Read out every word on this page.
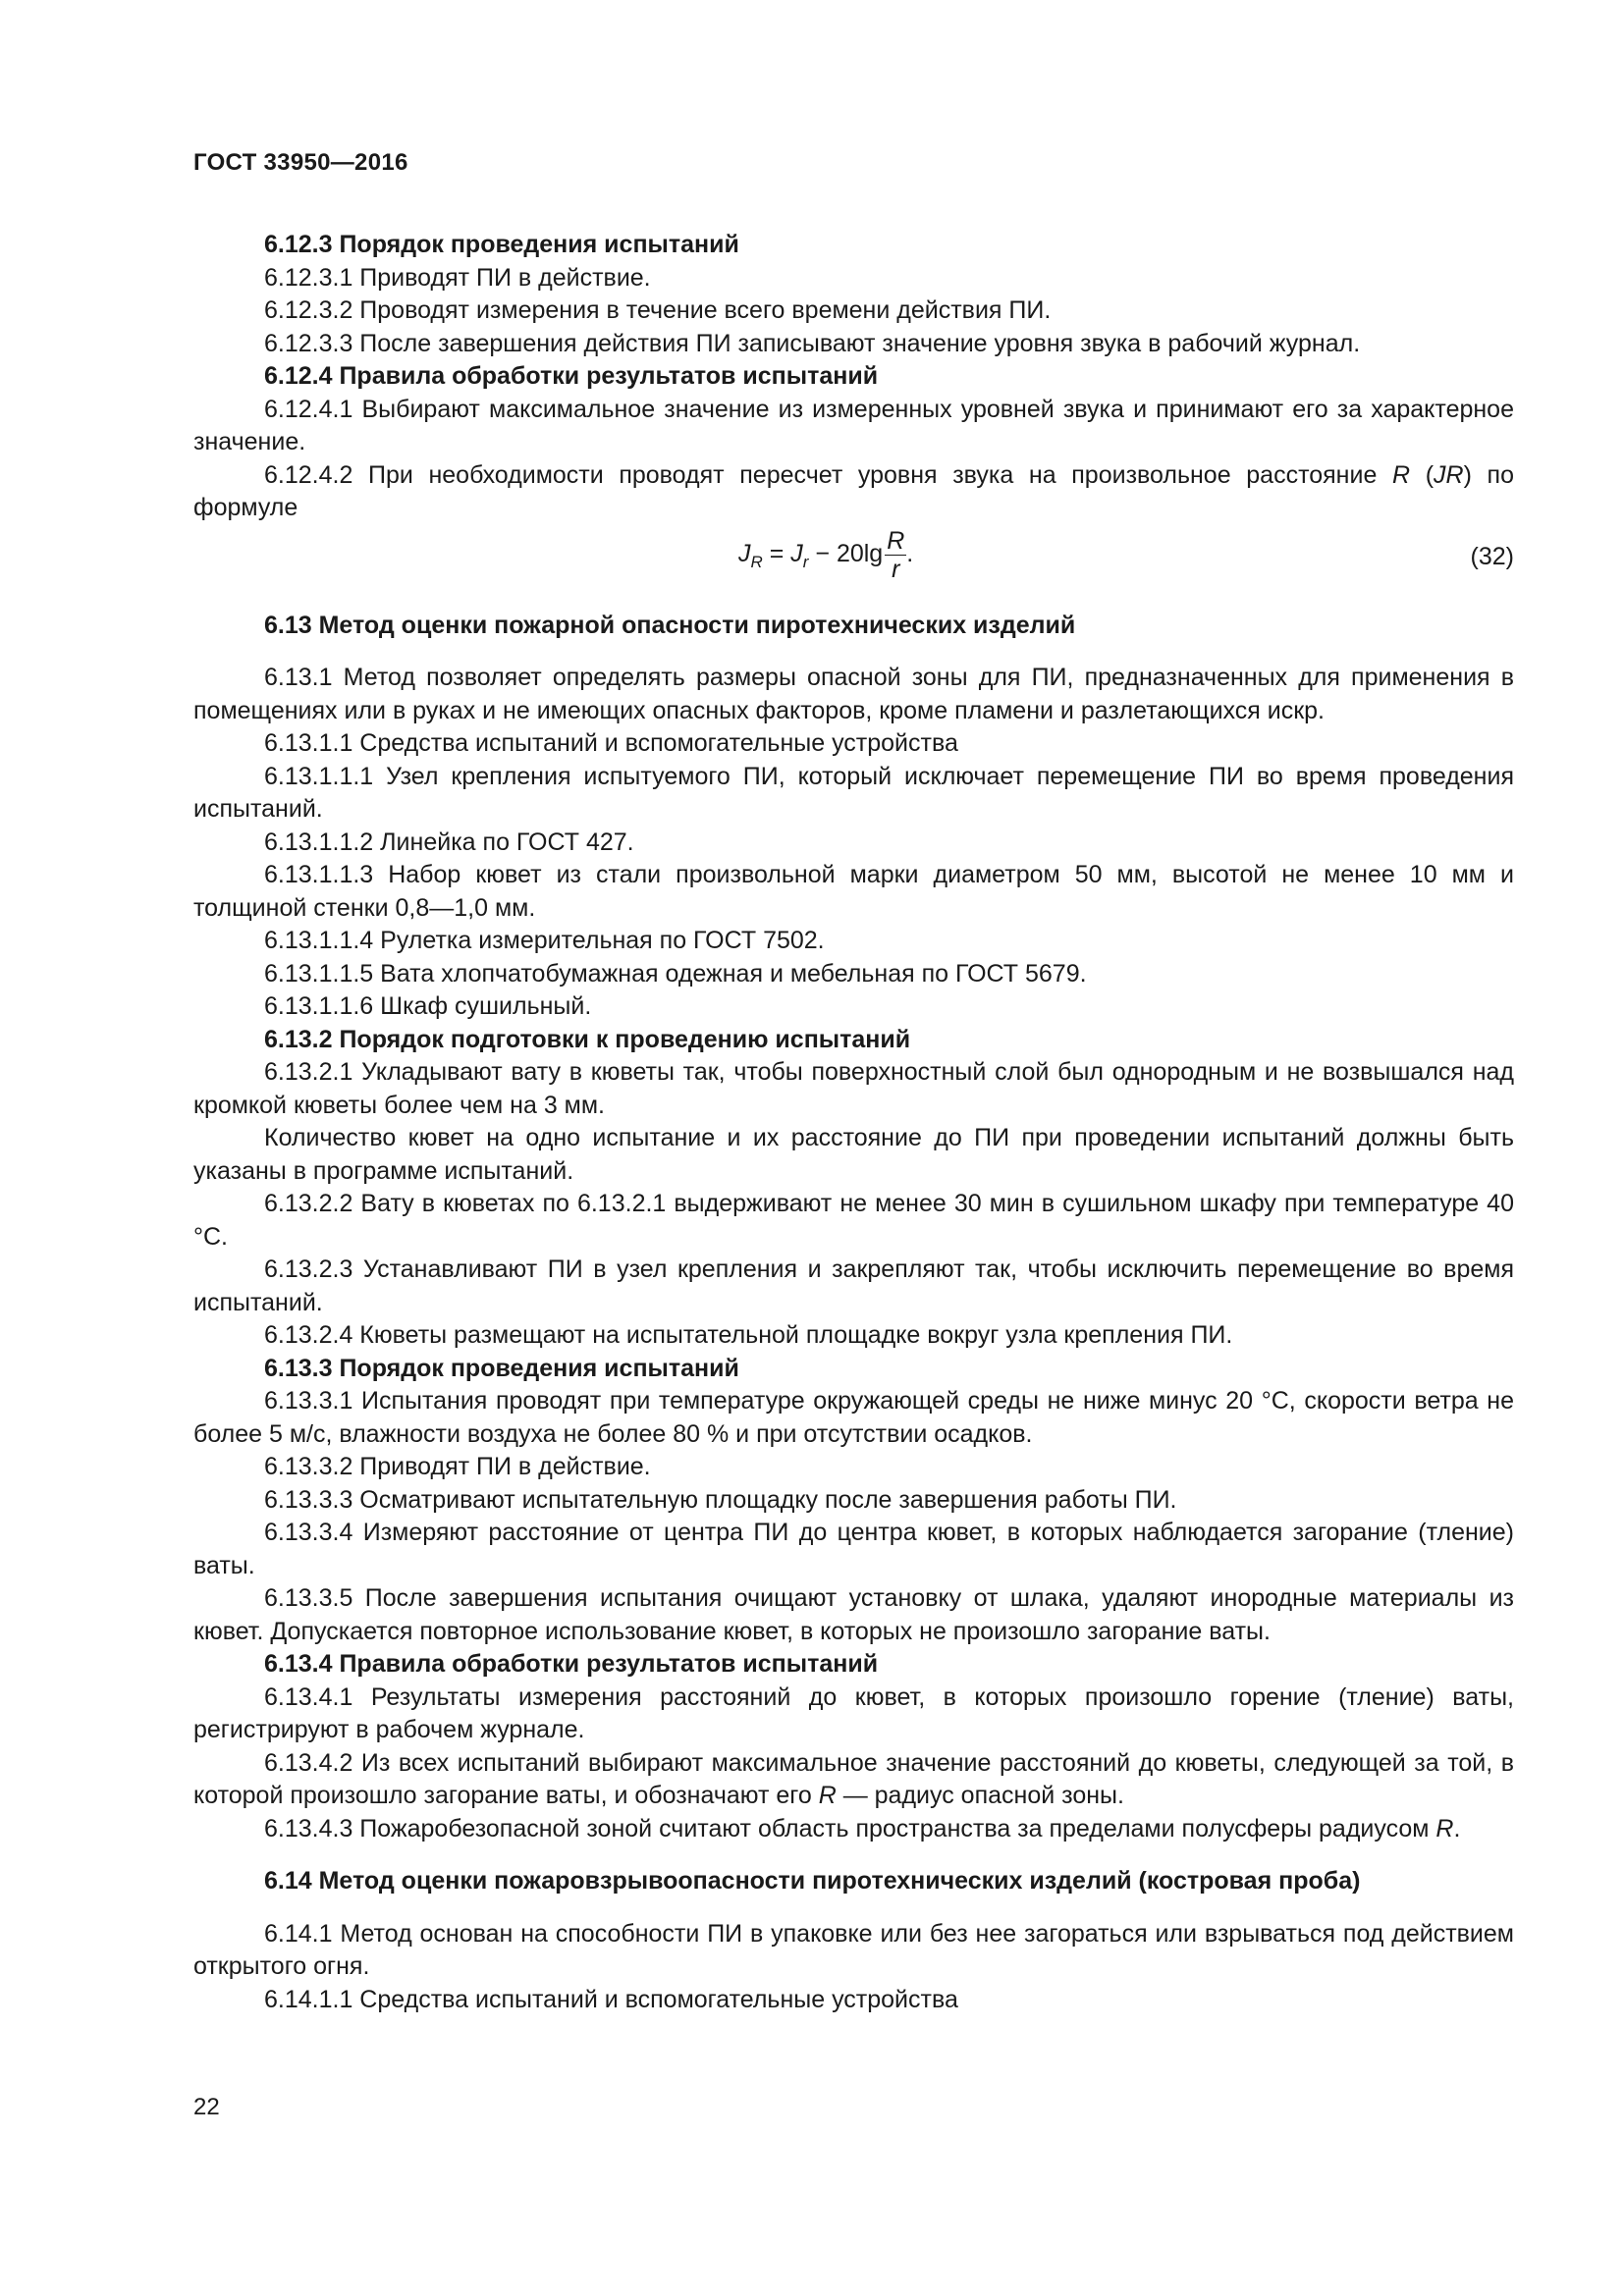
ГОСТ 33950—2016

6.12.3 Порядок проведения испытаний

6.12.3.1 Приводят ПИ в действие.

6.12.3.2 Проводят измерения в течение всего времени действия ПИ.

6.12.3.3 После завершения действия ПИ записывают значение уровня звука в рабочий журнал.

6.12.4 Правила обработки результатов испытаний

6.12.4.1 Выбирают максимальное значение из измеренных уровней звука и принимают его за характерное значение.

6.12.4.2 При необходимости проводят пересчет уровня звука на произвольное расстояние R (JR) по формуле

$J_R = J_r - 20\lg \frac{R}{r}$ .	(32)

6.13 Метод оценки пожарной опасности пиротехнических изделий

6.13.1 Метод позволяет определять размеры опасной зоны для ПИ, предназначенных для применения в помещениях или в руках и не имеющих опасных факторов, кроме пламени и разлетающихся искр.

6.13.1.1 Средства испытаний и вспомогательные устройства

6.13.1.1.1 Узел крепления испытуемого ПИ, который исключает перемещение ПИ во время проведения испытаний.

6.13.1.1.2 Линейка по ГОСТ 427.

6.13.1.1.3 Набор кювет из стали произвольной марки диаметром 50 мм, высотой не менее 10 мм и толщиной стенки 0,8—1,0 мм.

6.13.1.1.4 Рулетка измерительная по ГОСТ 7502.

6.13.1.1.5 Вата хлопчатобумажная одежная и мебельная по ГОСТ 5679.

6.13.1.1.6 Шкаф сушильный.

6.13.2 Порядок подготовки к проведению испытаний

6.13.2.1 Укладывают вату в кюветы так, чтобы поверхностный слой был однородным и не возвышался над кромкой кюветы более чем на 3 мм.

Количество кювет на одно испытание и их расстояние до ПИ при проведении испытаний должны быть указаны в программе испытаний.

6.13.2.2 Вату в кюветах по 6.13.2.1 выдерживают не менее 30 мин в сушильном шкафу при температуре 40 °С.

6.13.2.3 Устанавливают ПИ в узел крепления и закрепляют так, чтобы исключить перемещение во время испытаний.

6.13.2.4 Кюветы размещают на испытательной площадке вокруг узла крепления ПИ.

6.13.3 Порядок проведения испытаний

6.13.3.1 Испытания проводят при температуре окружающей среды не ниже минус 20 °С, скорости ветра не более 5 м/с, влажности воздуха не более 80 % и при отсутствии осадков.

6.13.3.2 Приводят ПИ в действие.

6.13.3.3 Осматривают испытательную площадку после завершения работы ПИ.

6.13.3.4 Измеряют расстояние от центра ПИ до центра кювет, в которых наблюдается загорание (тление) ваты.

6.13.3.5 После завершения испытания очищают установку от шлака, удаляют инородные материалы из кювет. Допускается повторное использование кювет, в которых не произошло загорание ваты.

6.13.4 Правила обработки результатов испытаний

6.13.4.1 Результаты измерения расстояний до кювет, в которых произошло горение (тление) ваты, регистрируют в рабочем журнале.

6.13.4.2 Из всех испытаний выбирают максимальное значение расстояний до кюветы, следующей за той, в которой произошло загорание ваты, и обозначают его R — радиус опасной зоны.

6.13.4.3 Пожаробезопасной зоной считают область пространства за пределами полусферы радиусом R.

6.14 Метод оценки пожаровзрывоопасности пиротехнических изделий (костровая проба)

6.14.1 Метод основан на способности ПИ в упаковке или без нее загораться или взрываться под действием открытого огня.

6.14.1.1 Средства испытаний и вспомогательные устройства

22
